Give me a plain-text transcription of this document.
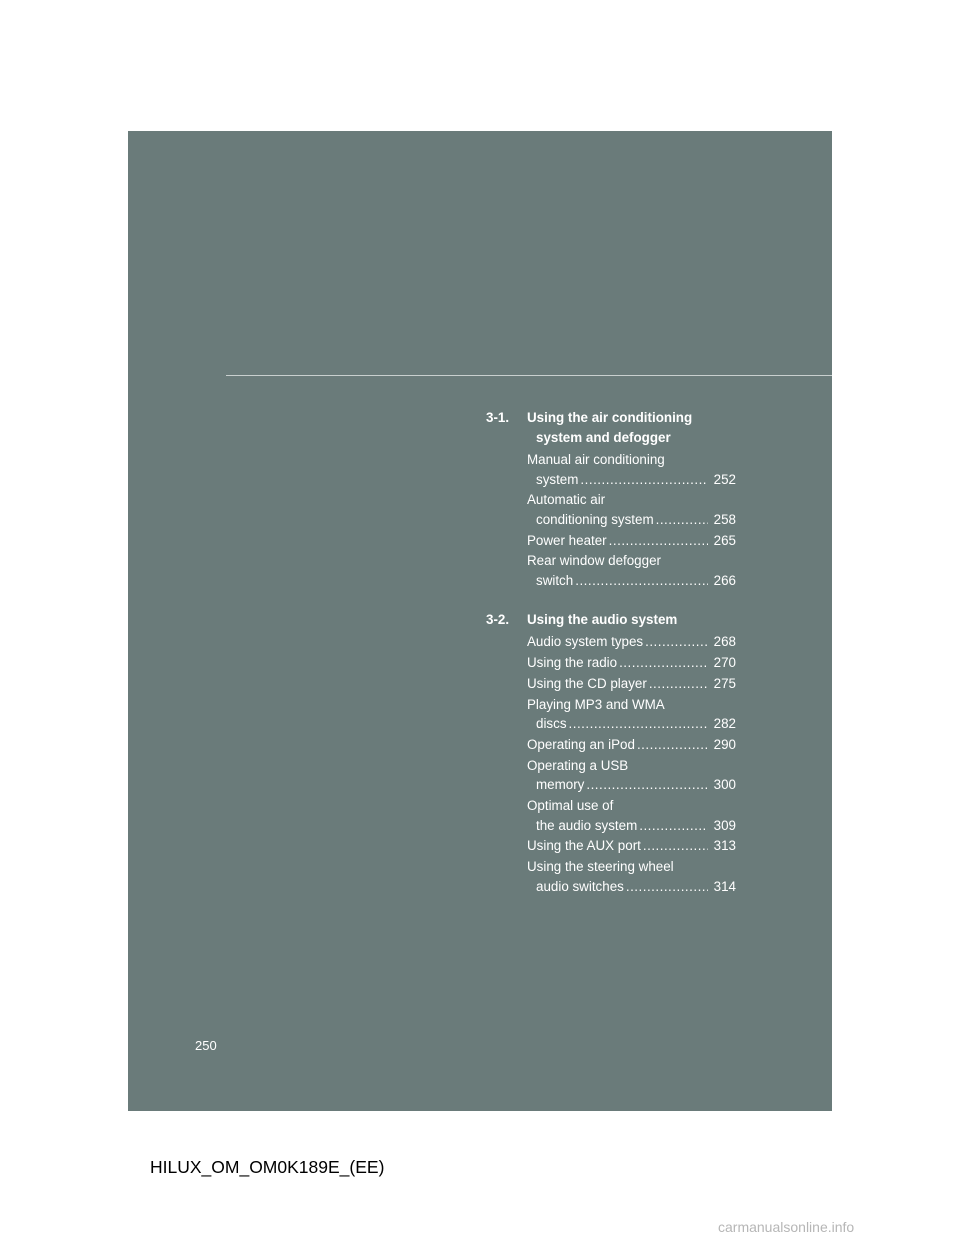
3-1.	Using the air conditioning
system and defogger
Manual air conditioning
system .....	252
Automatic air
conditioning system .....	258
Power heater .....	265
Rear window defogger
switch .....	266
3-2.	Using the audio system
Audio system types .....	268
Using the radio .....	270
Using the CD player .....	275
Playing MP3 and WMA
discs .....	282
Operating an iPod .....	290
Operating a USB
memory .....	300
Optimal use of
the audio system .....	309
Using the AUX port .....	313
Using the steering wheel
audio switches .....	314
250
HILUX_OM_OM0K189E_(EE)
carmanualsonline.info
